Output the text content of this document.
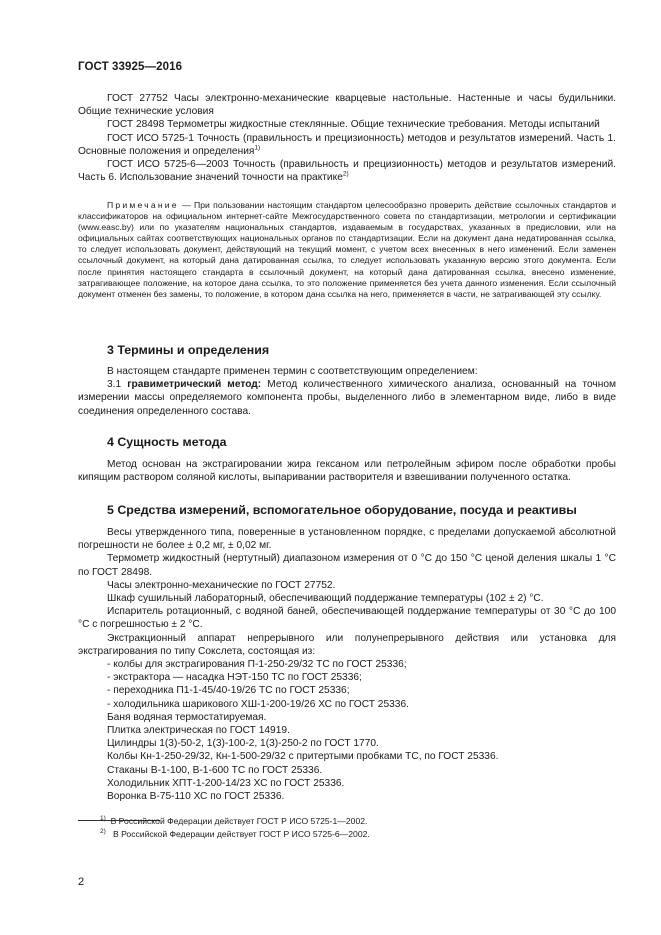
ГОСТ 33925—2016

ГОСТ 27752 Часы электронно-механические кварцевые настольные. Настенные и часы будильники. Общие технические условия

ГОСТ 28498 Термометры жидкостные стеклянные. Общие технические требования. Методы испытаний

ГОСТ ИСО 5725-1 Точность (правильность и прецизионность) методов и результатов измерений. Часть 1. Основные положения и определения$^{1)}$

ГОСТ ИСО 5725-6—2003 Точность (правильность и прецизионность) методов и результатов измерений. Часть 6. Использование значений точности на практике$^{2)}$

Примечание — При пользовании настоящим стандартом целесообразно проверить действие ссылочных стандартов и классификаторов на официальном интернет-сайте Межгосударственного совета по стандартизации, метрологии и сертификации (www.easc.by) или по указателям национальных стандартов, издаваемым в государствах, указанных в предисловии, или на официальных сайтах соответствующих национальных органов по стандартизации. Если на документ дана недатированная ссылка, то следует использовать документ, действующий на текущий момент, с учетом всех внесенных в него изменений. Если заменен ссылочный документ, на который дана датированная ссылка, то следует использовать указанную версию этого документа. Если после принятия настоящего стандарта в ссылочный документ, на который дана датированная ссылка, внесено изменение, затрагивающее положение, на которое дана ссылка, то это положение применяется без учета данного изменения. Если ссылочный документ отменен без замены, то положение, в котором дана ссылка на него, применяется в части, не затрагивающей эту ссылку.

3 Термины и определения

В настоящем стандарте применен термин с соответствующим определением:

3.1 гравиметрический метод: Метод количественного химического анализа, основанный на точном измерении массы определяемого компонента пробы, выделенного либо в элементарном виде, либо в виде соединения определенного состава.

4 Сущность метода

Метод основан на экстрагировании жира гексаном или петролейным эфиром после обработки пробы кипящим раствором соляной кислоты, выпаривании растворителя и взвешивании полученного остатка.

5 Средства измерений, вспомогательное оборудование, посуда и реактивы

Весы утвержденного типа, поверенные в установленном порядке, с пределами допускаемой абсолютной погрешности не более ± 0,2 мг, ± 0,02 мг.

Термометр жидкостный (нертутный) диапазоном измерения от 0 °С до 150 °С ценой деления шкалы 1 °С по ГОСТ 28498.

Часы электронно-механические по ГОСТ 27752.

Шкаф сушильный лабораторный, обеспечивающий поддержание температуры (102 ± 2) °С.

Испаритель ротационный, с водяной баней, обеспечивающей поддержание температуры от 30 °С до 100 °С с погрешностью ± 2 °С.

Экстракционный аппарат непрерывного или полунепрерывного действия или установка для экстрагирования по типу Сокслета, состоящая из:

- колбы для экстрагирования П-1-250-29/32 ТС по ГОСТ 25336;

- экстрактора — насадка НЭТ-150 ТС по ГОСТ 25336;

- переходника П1-1-45/40-19/26 ТС по ГОСТ 25336;

- холодильника шарикового ХШ-1-200-19/26 ХС по ГОСТ 25336.

Баня водяная термостатируемая.

Плитка электрическая по ГОСТ 14919.

Цилиндры 1(3)-50-2, 1(3)-100-2, 1(3)-250-2 по ГОСТ 1770.

Колбы Кн-1-250-29/32, Кн-1-500-29/32 с притертыми пробками ТС, по ГОСТ 25336.

Стаканы В-1-100, В-1-600 ТС по ГОСТ 25336.

Холодильник ХПТ-1-200-14/23 ХС по ГОСТ 25336.

Воронка В-75-110 ХС по ГОСТ 25336.

$^{1)}$ В Российской Федерации действует ГОСТ Р ИСО 5725-1—2002.
$^{2)}$ В Российской Федерации действует ГОСТ Р ИСО 5725-6—2002.
2
